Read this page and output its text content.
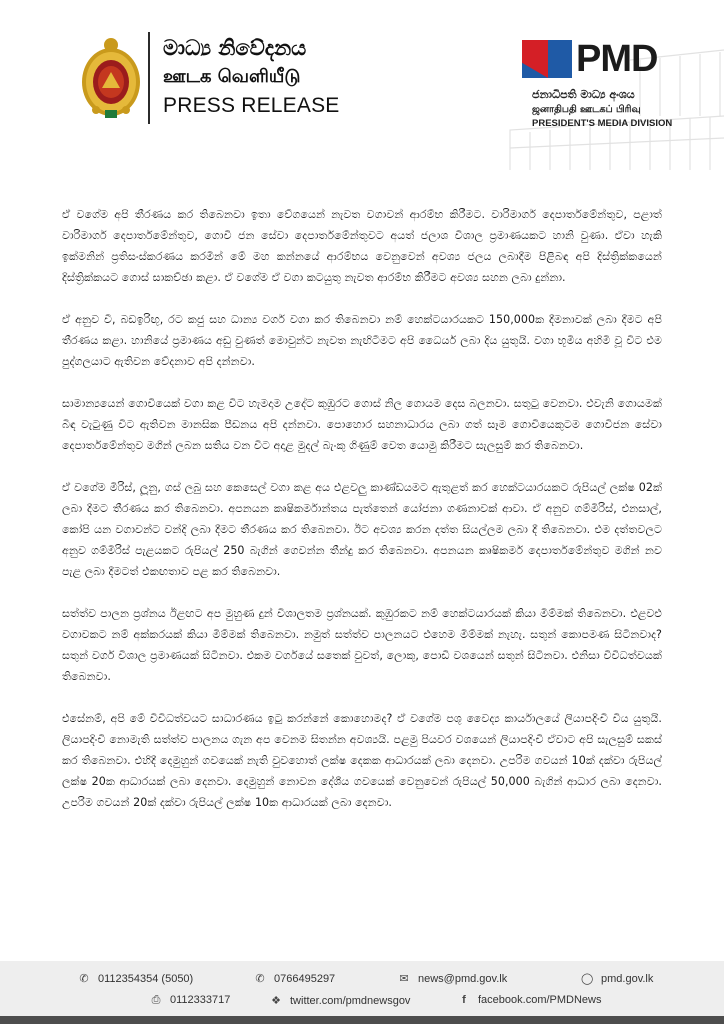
මාධ්‍ය නිවේදනය
ஊடக வெளியீடு
PRESS RELEASE
PMD
ජනාධිපති මාධ්‍ය අංශය
ஜனாதிபதி ஊடகப் பிரிவு
PRESIDENT'S MEDIA DIVISION

ඒ වගේම අපි තීරණය කර තිබෙනවා ඉතා වේගයෙන් නැවත වගාවන් ආරම්භ කිරීමට. වාරිමාර්ග දෙපාර්තමේන්තුව, පළාත් වාරිමාර්ග දෙපාර්තමේන්තුව, ගොවි ජන සේවා දෙපාර්තමේන්තුවට අයත් ජලාශ විශාල ප්‍රමාණයකට හානි වුණා. ඒවා හැකි ඉක්මනින් ප්‍රතිසංස්කරණය කරමින් මේ මහ කන්නයේ ආරම්භය වෙනුවෙන් අවශ්‍ය ජලය ලබාදීම පිළිබඳ අපි දිස්ත්‍රික්කයෙන් දිස්ත්‍රික්කයට ගොස් සාකච්ඡා කළා. ඒ වගේම ඒ වගා කටයුතු නැවත ආරම්භ කිරීමට අවශ්‍ය සහන ලබා දුන්නා.

ඒ අනුව වී, බඩඉරිඟු, රට කජු සහ ධාන්‍ය වර්ග වගා කර තිබෙනවා නම් හෙක්ටයාරයකට 150,000ක දීමනාවක් ලබා දීමට අපි තීරණය කළා. හානියේ ප්‍රමාණය අඩු වුණත් මොවුන්ට නැවත නැඟිටීමට අපි ධෛර්ය ලබා දිය යුතුයි. වගා භූමිය අහිමි වූ විට එම පුද්ගලයාට ඇතිවන වේදනාව අපි දන්නවා.

සාමාන්‍යයෙන් ගොවියෙක් වගා කළ විට හැමදාම උදේට කුඹුරට ගොස් නිල ගොයම දෙස බලනවා. සතුටු වෙනවා. එවැනි ගොයමක් බිඳ වැටුණු විට ඇතිවන මානසික පීඩනය අපි දන්නවා. පොහොර සහනාධාරය ලබා ගත් සෑම ගොවියෙකුටම ගොවිජන සේවා දෙපාර්තමේන්තුව මගින් ලබන සතිය වන විට අදාළ මුදල් බැංකු ගිණුම් වෙත යොමු කිරීමට සැලසුම් කර තිබෙනවා.

ඒ වගේම මිරිස්, ලූනු, ගස් ලබු සහ කෙසෙල් වගා කළ අය එළවලු කාණ්ඩයමට ඇතුළත් කර හෙක්ටයාරයකට රුපියල් ලක්ෂ 02ක් ලබා දීමට තීරණය කර තිබෙනවා. අපනයන කෘෂිකර්මාන්තය පැත්තෙන් යෝජනා ගණනාවක් ආවා. ඒ අනුව ගම්මිරිස්, එනසාල්, කෝපි යන වගාවන්ට වන්දි ලබා දීමට තීරණය කර තිබෙනවා. ඊට අවශ්‍ය කරන දත්ත සියල්ලම ලබා දී තිබෙනවා. එම දත්තවලට අනුව ගම්මිරිස් පැළයකට රුපියල් 250 බැගින් ගෙවන්න තීන්දු කර තිබෙනවා. අපනයන කෘෂිකර්ම දෙපාර්තමේන්තුව මගින් නව පැළ ලබා දීමටත් එකඟතාව පළ කර තිබෙනවා.

සත්ත්ව පාලන ප්‍රශ්නය ඊළඟට අප මුහුණ දුන් විශාලතම ප්‍රශ්නයක්. කුඹුරකට නම් හෙක්ටයාරයක් කියා මිම්මක් තිබෙනවා. එළවළු වගාවකට නම් අක්කරයක් කියා මිම්මක් තිබෙනවා. නමුත් සත්ත්ව පාලනයට එහෙම මිම්මක් නැහැ. සතුන් කොපමණ සිටිනවාද? සතුන් වර්ග විශාල ප්‍රමාණයක් සිටිනවා. එකම වර්ගයේ සතෙක් වුවත්, ලොකු, පොඩි වශයෙන් සතුන් සිටිනවා. එනිසා විවිධත්වයක් තිබෙනවා.

එසේනම්, අපි මේ විවිධත්වයට සාධාරණය ඉටු කරන්නේ කොහොමද? ඒ වගේම පශු වෛද්‍ය කාර්යාලයේ ලියාපදිංචි විය යුතුයි. ලියාපදිංචි නොමැති සත්ත්ව පාලනය ගැන අප වෙනම සිතන්න අවශ්‍යයි. පළමු පියවර වශයෙන් ලියාපදිංචි ඒවාට අපි සැලසුම් සකස් කර තිබෙනවා. එහිදී දෙමුහුන් ගවයෙක් නැති වුවහොත් ලක්ෂ දෙකක ආධාරයක් ලබා දෙනවා. උපරිම ගවයන් 10ක් දක්වා රුපියල් ලක්ෂ 20ක ආධාරයක් ලබා දෙනවා. දෙමුහුන් නොවන දේශීය ගවයෙක් වෙනුවෙන් රුපියල් 50,000 බැගින් ආධාර ලබා දෙනවා. උපරිම ගවයන් 20ක් දක්වා රුපියල් ලක්ෂ 10ක ආධාරයක් ලබා දෙනවා.

✆ 0112354354 (5050)	✆ 0766495297	✉ news@pmd.gov.lk	◯ pmd.gov.lk
⎙ 0112333717	❖ twitter.com/pmdnewsgov	f facebook.com/PMDNews
